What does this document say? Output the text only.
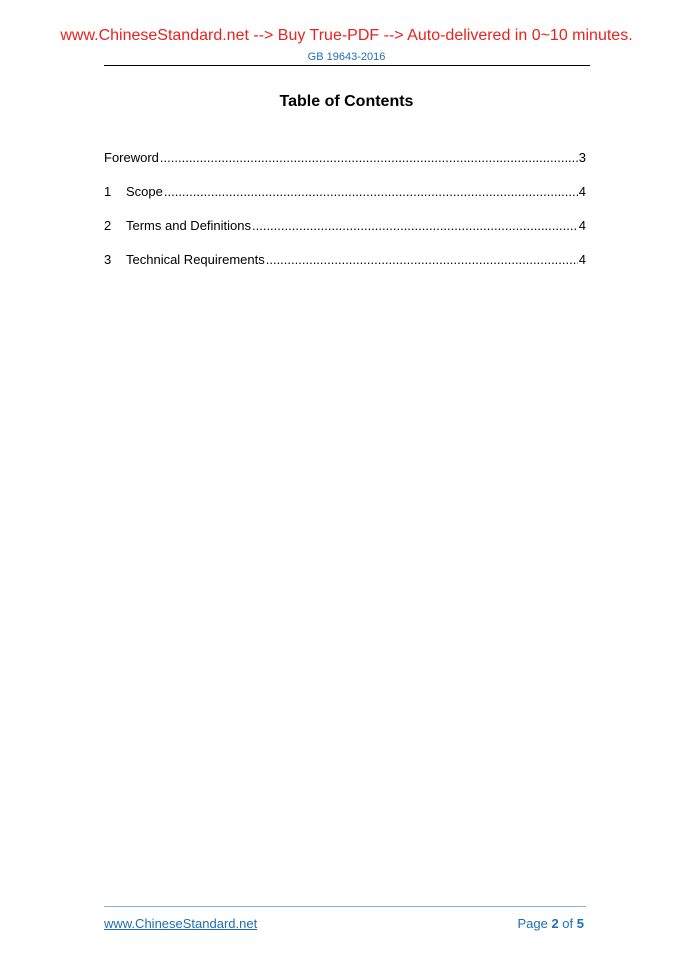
www.ChineseStandard.net --> Buy True-PDF --> Auto-delivered in 0~10 minutes.
GB 19643-2016
Table of Contents
Foreword .....	3
1	Scope .....	4
2	Terms and Definitions .....	4
3	Technical Requirements .....	4
www.ChineseStandard.net	Page 2 of 5
